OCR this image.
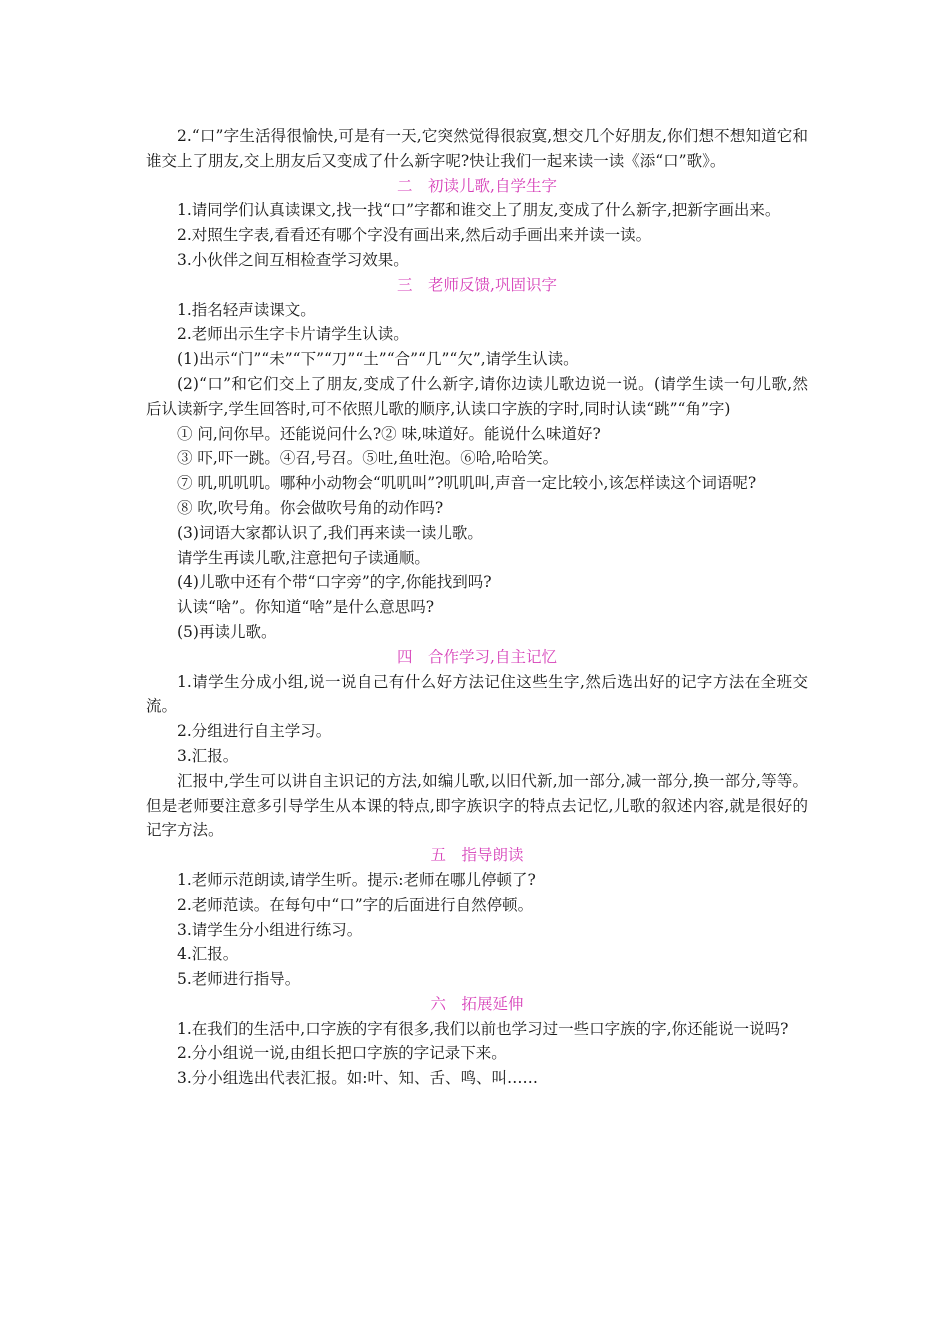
2.“口”字生活得很愉快,可是有一天,它突然觉得很寂寞,想交几个好朋友,你们想不想知道它和谁交上了朋友,交上朋友后又变成了什么新字呢?快让我们一起来读一读《添“口”歌》。

二　初读儿歌,自学生字

1.请同学们认真读课文,找一找“口”字都和谁交上了朋友,变成了什么新字,把新字画出来。

2.对照生字表,看看还有哪个字没有画出来,然后动手画出来并读一读。

3.小伙伴之间互相检查学习效果。

三　老师反馈,巩固识字

1.指名轻声读课文。

2.老师出示生字卡片请学生认读。

(1)出示“门”“未”“下”“刀”“土”“合”“几”“欠”,请学生认读。

(2)“口”和它们交上了朋友,变成了什么新字,请你边读儿歌边说一说。(请学生读一句儿歌,然后认读新字,学生回答时,可不依照儿歌的顺序,认读口字族的字时,同时认读“跳”“角”字)

① 问,问你早。还能说问什么?② 味,味道好。能说什么味道好?

③ 吓,吓一跳。④召,号召。⑤吐,鱼吐泡。⑥哈,哈哈笑。

⑦ 叽,叽叽叽。哪种小动物会“叽叽叫”?叽叽叫,声音一定比较小,该怎样读这个词语呢?

⑧ 吹,吹号角。你会做吹号角的动作吗?

(3)词语大家都认识了,我们再来读一读儿歌。

请学生再读儿歌,注意把句子读通顺。

(4)儿歌中还有个带“口字旁”的字,你能找到吗?

认读“啥”。你知道“啥”是什么意思吗?

(5)再读儿歌。

四　合作学习,自主记忆

1.请学生分成小组,说一说自己有什么好方法记住这些生字,然后选出好的记字方法在全班交流。

2.分组进行自主学习。

3.汇报。

汇报中,学生可以讲自主识记的方法,如编儿歌,以旧代新,加一部分,减一部分,换一部分,等等。但是老师要注意多引导学生从本课的特点,即字族识字的特点去记忆,儿歌的叙述内容,就是很好的记字方法。

五　指导朗读

1.老师示范朗读,请学生听。提示:老师在哪儿停顿了?

2.老师范读。在每句中“口”字的后面进行自然停顿。

3.请学生分小组进行练习。

4.汇报。

5.老师进行指导。

六　拓展延伸

1.在我们的生活中,口字族的字有很多,我们以前也学习过一些口字族的字,你还能说一说吗?

2.分小组说一说,由组长把口字族的字记录下来。

3.分小组选出代表汇报。如:叶、知、舌、鸣、叫……
